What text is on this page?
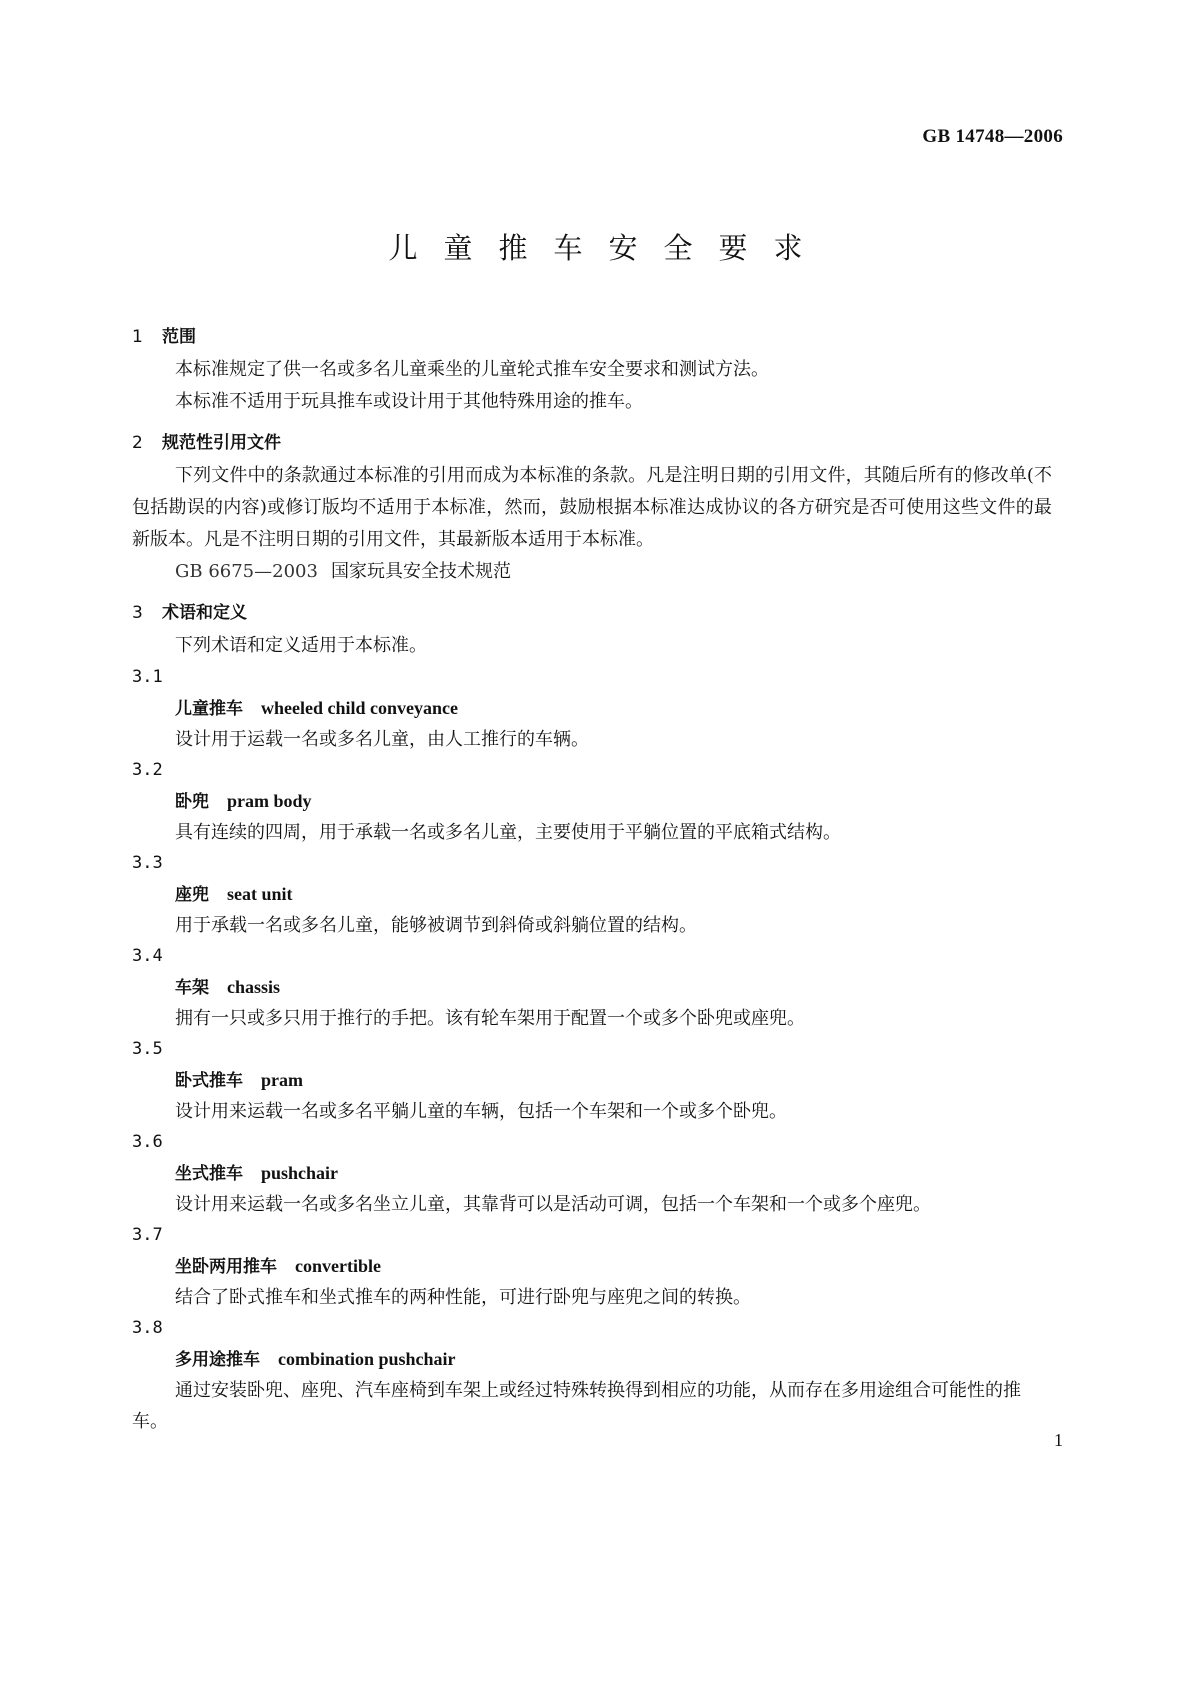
GB 14748—2006
儿童推车安全要求
1 范围
本标准规定了供一名或多名儿童乘坐的儿童轮式推车安全要求和测试方法。
本标准不适用于玩具推车或设计用于其他特殊用途的推车。
2 规范性引用文件
下列文件中的条款通过本标准的引用而成为本标准的条款。凡是注明日期的引用文件，其随后所有的修改单(不包括勘误的内容)或修订版均不适用于本标准，然而，鼓励根据本标准达成协议的各方研究是否可使用这些文件的最新版本。凡是不注明日期的引用文件，其最新版本适用于本标准。
GB 6675—2003 国家玩具安全技术规范
3 术语和定义
下列术语和定义适用于本标准。
3.1
儿童推车 wheeled child conveyance
设计用于运载一名或多名儿童，由人工推行的车辆。
3.2
卧兜 pram body
具有连续的四周，用于承载一名或多名儿童，主要使用于平躺位置的平底箱式结构。
3.3
座兜 seat unit
用于承载一名或多名儿童，能够被调节到斜倚或斜躺位置的结构。
3.4
车架 chassis
拥有一只或多只用于推行的手把。该有轮车架用于配置一个或多个卧兜或座兜。
3.5
卧式推车 pram
设计用来运载一名或多名平躺儿童的车辆，包括一个车架和一个或多个卧兜。
3.6
坐式推车 pushchair
设计用来运载一名或多名坐立儿童，其靠背可以是活动可调，包括一个车架和一个或多个座兜。
3.7
坐卧两用推车 convertible
结合了卧式推车和坐式推车的两种性能，可进行卧兜与座兜之间的转换。
3.8
多用途推车 combination pushchair
通过安装卧兜、座兜、汽车座椅到车架上或经过特殊转换得到相应的功能，从而存在多用途组合可能性的推车。
1
